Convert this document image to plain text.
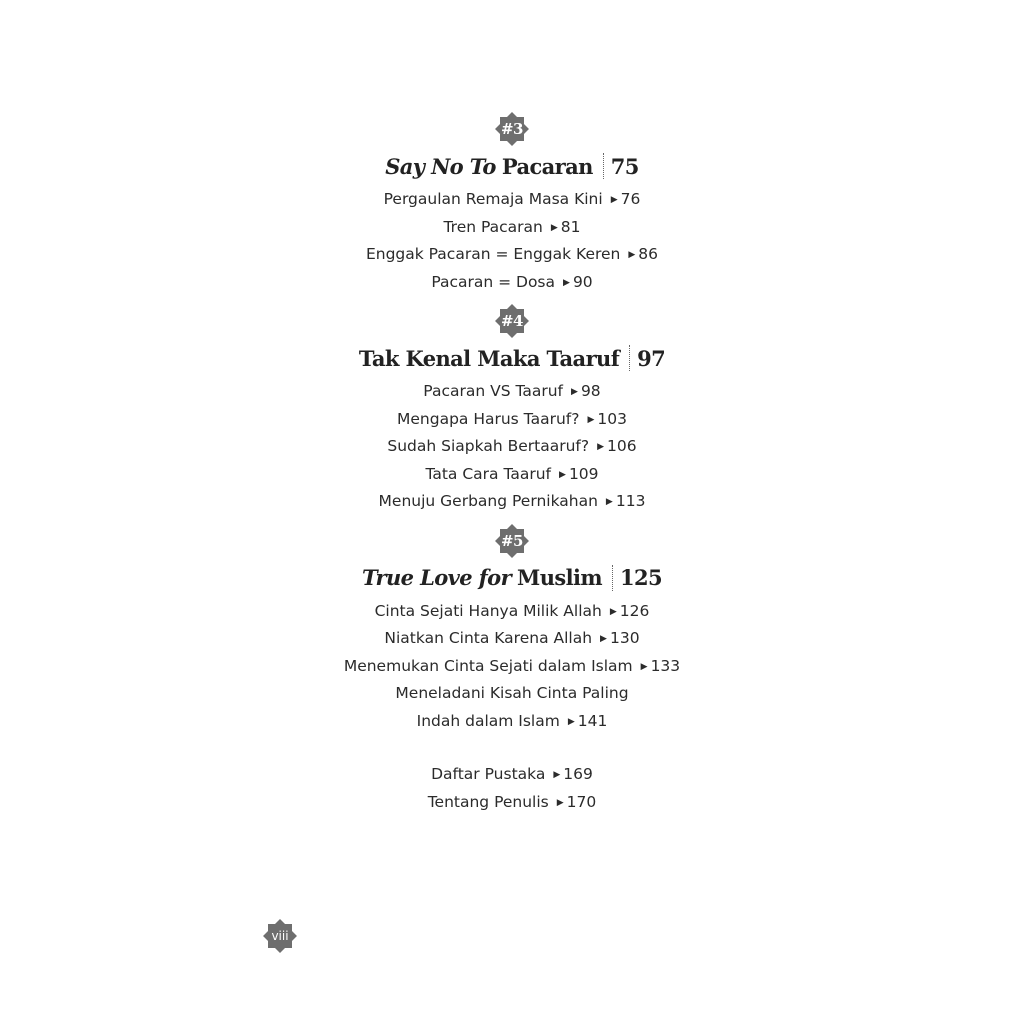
#3
Say No To Pacaran 75
Pergaulan Remaja Masa Kini ▶ 76
Tren Pacaran ▶ 81
Enggak Pacaran = Enggak Keren ▶ 86
Pacaran = Dosa ▶ 90
#4
Tak Kenal Maka Taaruf 97
Pacaran VS Taaruf ▶ 98
Mengapa Harus Taaruf? ▶ 103
Sudah Siapkah Bertaaruf? ▶ 106
Tata Cara Taaruf ▶ 109
Menuju Gerbang Pernikahan ▶ 113
#5
True Love for Muslim 125
Cinta Sejati Hanya Milik Allah ▶ 126
Niatkan Cinta Karena Allah ▶ 130
Menemukan Cinta Sejati dalam Islam ▶ 133
Meneladani Kisah Cinta Paling
Indah dalam Islam ▶ 141
Daftar Pustaka ▶ 169
Tentang Penulis ▶ 170
viii
